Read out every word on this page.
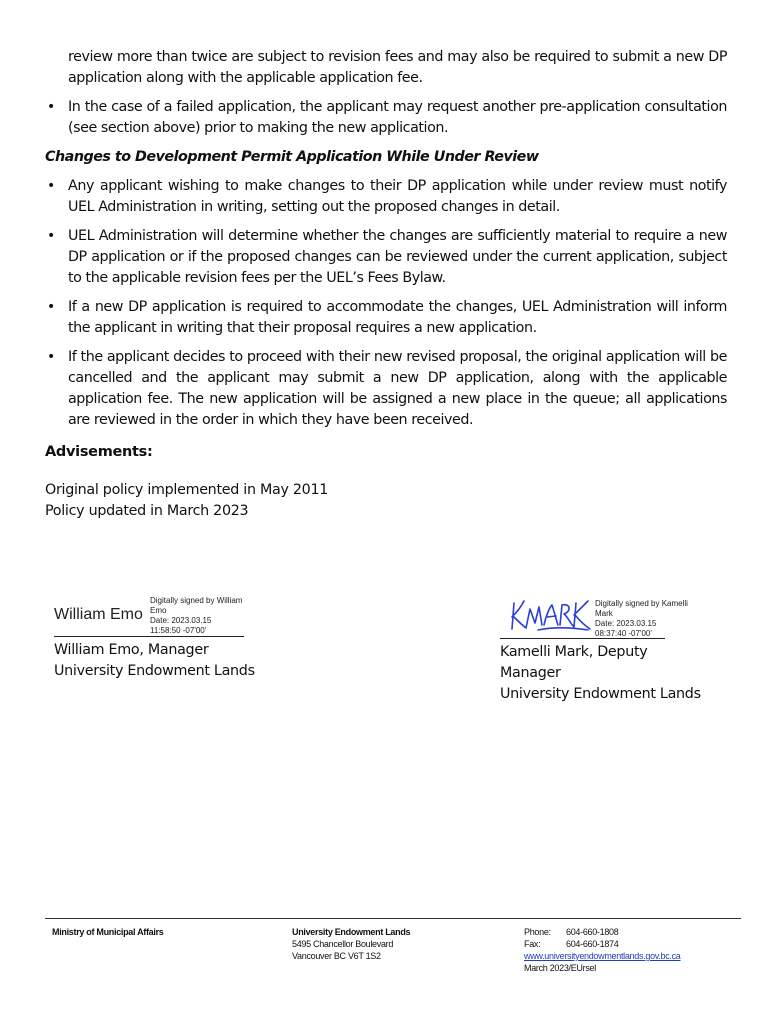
review more than twice are subject to revision fees and may also be required to submit a new DP application along with the applicable application fee.
• In the case of a failed application, the applicant may request another pre-application consultation (see section above) prior to making the new application.
Changes to Development Permit Application While Under Review
• Any applicant wishing to make changes to their DP application while under review must notify UEL Administration in writing, setting out the proposed changes in detail.
• UEL Administration will determine whether the changes are sufficiently material to require a new DP application or if the proposed changes can be reviewed under the current application, subject to the applicable revision fees per the UEL’s Fees Bylaw.
• If a new DP application is required to accommodate the changes, UEL Administration will inform the applicant in writing that their proposal requires a new application.
• If the applicant decides to proceed with their new revised proposal, the original application will be cancelled and the applicant may submit a new DP application, along with the applicable application fee. The new application will be assigned a new place in the queue; all applications are reviewed in the order in which they have been received.
Advisements:
Original policy implemented in May 2011
Policy updated in March 2023
William Emo
Digitally signed by William
Emo
Date: 2023.03.15
11:58:50 -07'00'
William Emo, Manager
University Endowment Lands
Digitally signed by Kamelli
Mark
Date: 2023.03.15
08:37:40 -07'00'
Kamelli Mark, Deputy
Manager
University Endowment Lands
Ministry of Municipal Affairs	University Endowment Lands
5495 Chancellor Boulevard
Vancouver BC V6T 1S2
Phone: 604-660-1808
Fax:	604-660-1874
www.universityendowmentlands.gov.bc.ca
March 2023/EUrsel
